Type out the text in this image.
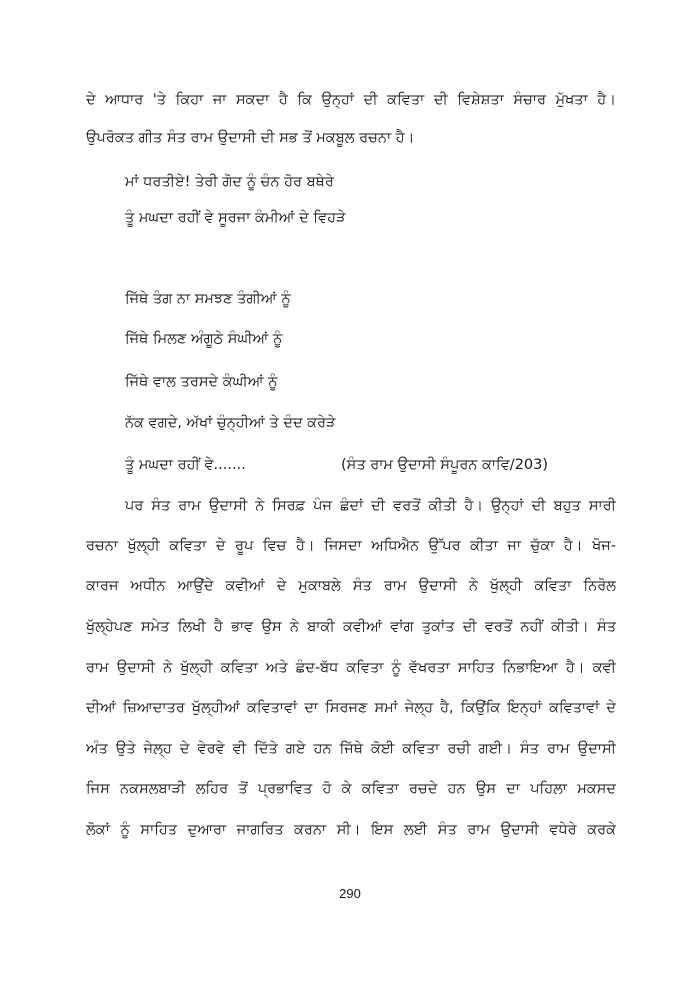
ਦੇ ਆਧਾਰ 'ਤੇ ਕਿਹਾ ਜਾ ਸਕਦਾ ਹੈ ਕਿ ਉਨ੍ਹਾਂ ਦੀ ਕਵਿਤਾ ਦੀ ਵਿਸ਼ੇਸ਼ਤਾ ਸੰਚਾਰ ਮੁੱਖਤਾ ਹੈ।
ਉਪਰੋਕਤ ਗੀਤ ਸੰਤ ਰਾਮ ਉਦਾਸੀ ਦੀ ਸਭ ਤੋਂ ਮਕਬੂਲ ਰਚਨਾ ਹੈ।
ਮਾਂ ਧਰਤੀਏ! ਤੇਰੀ ਗੋਦ ਨੂੰ ਚੰਨ ਹੋਰ ਬਥੇਰੇ
ਤੂੰ ਮਘਦਾ ਰਹੀਂ ਵੇ ਸੂਰਜਾ ਕੰਮੀਆਂ ਦੇ ਵਿਹੜੇ
ਜਿੱਥੇ ਤੰਗ ਨਾ ਸਮਝਣ ਤੰਗੀਆਂ ਨੂੰ
ਜਿੱਥੇ ਮਿਲਣ ਅੰਗੂਠੇ ਸੰਘੀਆਂ ਨੂੰ
ਜਿੱਥੇ ਵਾਲ ਤਰਸਦੇ ਕੰਘੀਆਂ ਨੂੰ
ਨੱਕ ਵਗਦੇ, ਅੱਖਾਂ ਚੁੰਨ੍ਹੀਆਂ ਤੇ ਦੰਦ ਕਰੇੜੇ
ਤੂੰ ਮਘਦਾ ਰਹੀਂ ਵੇ.......	(ਸੰਤ ਰਾਮ ਉਦਾਸੀ ਸੰਪੂਰਨ ਕਾਵਿ/203)
ਪਰ ਸੰਤ ਰਾਮ ਉਦਾਸੀ ਨੇ ਸਿਰਫ਼ ਪੰਜ ਛੰਦਾਂ ਦੀ ਵਰਤੋਂ ਕੀਤੀ ਹੈ। ਉਨ੍ਹਾਂ ਦੀ ਬਹੁਤ ਸਾਰੀ
ਰਚਨਾ ਖੁੱਲ੍ਹੀ ਕਵਿਤਾ ਦੇ ਰੂਪ ਵਿਚ ਹੈ। ਜਿਸਦਾ ਅਧਿਐਨ ਉੱਪਰ ਕੀਤਾ ਜਾ ਚੁੱਕਾ ਹੈ। ਖੋਜ-
ਕਾਰਜ ਅਧੀਨ ਆਉਂਦੇ ਕਵੀਆਂ ਦੇ ਮੁਕਾਬਲੇ ਸੰਤ ਰਾਮ ਉਦਾਸੀ ਨੇ ਖੁੱਲ੍ਹੀ ਕਵਿਤਾ ਨਿਰੋਲ
ਖੁੱਲ੍ਹੇਪਣ ਸਮੇਤ ਲਿਖੀ ਹੈ ਭਾਵ ਉਸ ਨੇ ਬਾਕੀ ਕਵੀਆਂ ਵਾਂਗ ਤੁਕਾਂਤ ਦੀ ਵਰਤੋਂ ਨਹੀਂ ਕੀਤੀ। ਸੰਤ
ਰਾਮ ਉਦਾਸੀ ਨੇ ਖੁੱਲ੍ਹੀ ਕਵਿਤਾ ਅਤੇ ਛੰਦ-ਬੱਧ ਕਵਿਤਾ ਨੂੰ ਵੱਖਰਤਾ ਸਾਹਿਤ ਨਿਭਾਇਆ ਹੈ। ਕਵੀ
ਦੀਆਂ ਜ਼ਿਆਦਾਤਰ ਖੁੱਲ੍ਹੀਆਂ ਕਵਿਤਾਵਾਂ ਦਾ ਸਿਰਜਣ ਸਮਾਂ ਜੇਲ੍ਹ ਹੈ, ਕਿਉਂਕਿ ਇਨ੍ਹਾਂ ਕਵਿਤਾਵਾਂ ਦੇ
ਅੰਤ ਉਤੇ ਜੇਲ੍ਹ ਦੇ ਵੇਰਵੇ ਵੀ ਦਿੱਤੇ ਗਏ ਹਨ ਜਿੱਥੇ ਕੋਈ ਕਵਿਤਾ ਰਚੀ ਗਈ। ਸੰਤ ਰਾਮ ਉਦਾਸੀ
ਜਿਸ ਨਕਸਲਬਾੜੀ ਲਹਿਰ ਤੋਂ ਪ੍ਰਭਾਵਿਤ ਹੋ ਕੇ ਕਵਿਤਾ ਰਚਦੇ ਹਨ ਉਸ ਦਾ ਪਹਿਲਾ ਮਕਸਦ
ਲੋਕਾਂ ਨੂੰ ਸਾਹਿਤ ਦੁਆਰਾ ਜਾਗਰਿਤ ਕਰਨਾ ਸੀ। ਇਸ ਲਈ ਸੰਤ ਰਾਮ ਉਦਾਸੀ ਵਧੇਰੇ ਕਰਕੇ
290
